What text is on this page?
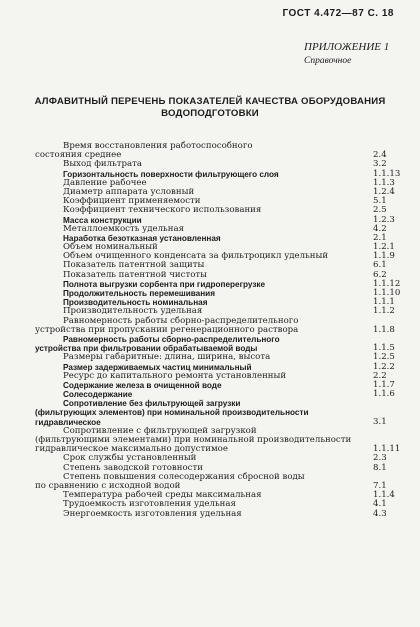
ГОСТ 4.472—87 С. 18
ПРИЛОЖЕНИЕ 1
Справочное
АЛФАВИТНЫЙ ПЕРЕЧЕНЬ ПОКАЗАТЕЛЕЙ КАЧЕСТВА ОБОРУДОВАНИЯ
ВОДОПОДГОТОВКИ
Время восстановления работоспособного
состояния среднее	2.4
Выход фильтрата	3.2
Горизонтальность поверхности фильтрующего слоя	1.1.13
Давление рабочее	1.1.3
Диаметр аппарата условный	1.2.4
Коэффициент применяемости	5.1
Коэффициент технического использования	2.5
Масса конструкции	1.2.3
Металлоемкость удельная	4.2
Наработка безотказная установленная	2.1
Объем номинальный	1.2.1
Объем очищенного конденсата за фильтроцикл удельный	1.1.9
Показатель патентной защиты	6.1
Показатель патентной чистоты	6.2
Полнота выгрузки сорбента при гидроперегрузке	1.1.12
Продолжительность перемешивания	1.1.10
Производительность номинальная	1.1.1
Производительность удельная	1.1.2
Равномерность работы сборно-распределительного
устройства при пропускании регенерационного раствора	1.1.8
Равномерность работы сборно-распределительного
устройства при фильтровании обрабатываемой воды	1.1.5
Размеры габаритные: длина, ширина, высота	1.2.5
Размер задерживаемых частиц минимальный	1.2.2
Ресурс до капитального ремонта установленный	2.2
Содержание железа в очищенной воде	1.1.7
Солесодержание	1.1.6
Сопротивление без фильтрующей загрузки
(фильтрующих элементов) при номинальной производительности
гидравлическое	3.1
Сопротивление с фильтрующей загрузкой
(фильтрующими элементами) при номинальной производительности
гидравлическое максимально допустимое	1.1.11
Срок службы установленный	2.3
Степень заводской готовности	8.1
Степень повышения солесодержания сбросной воды
по сравнению с исходной водой	7.1
Температура рабочей среды максимальная	1.1.4
Трудоемкость изготовления удельная	4.1
Энергоемкость изготовления удельная	4.3
